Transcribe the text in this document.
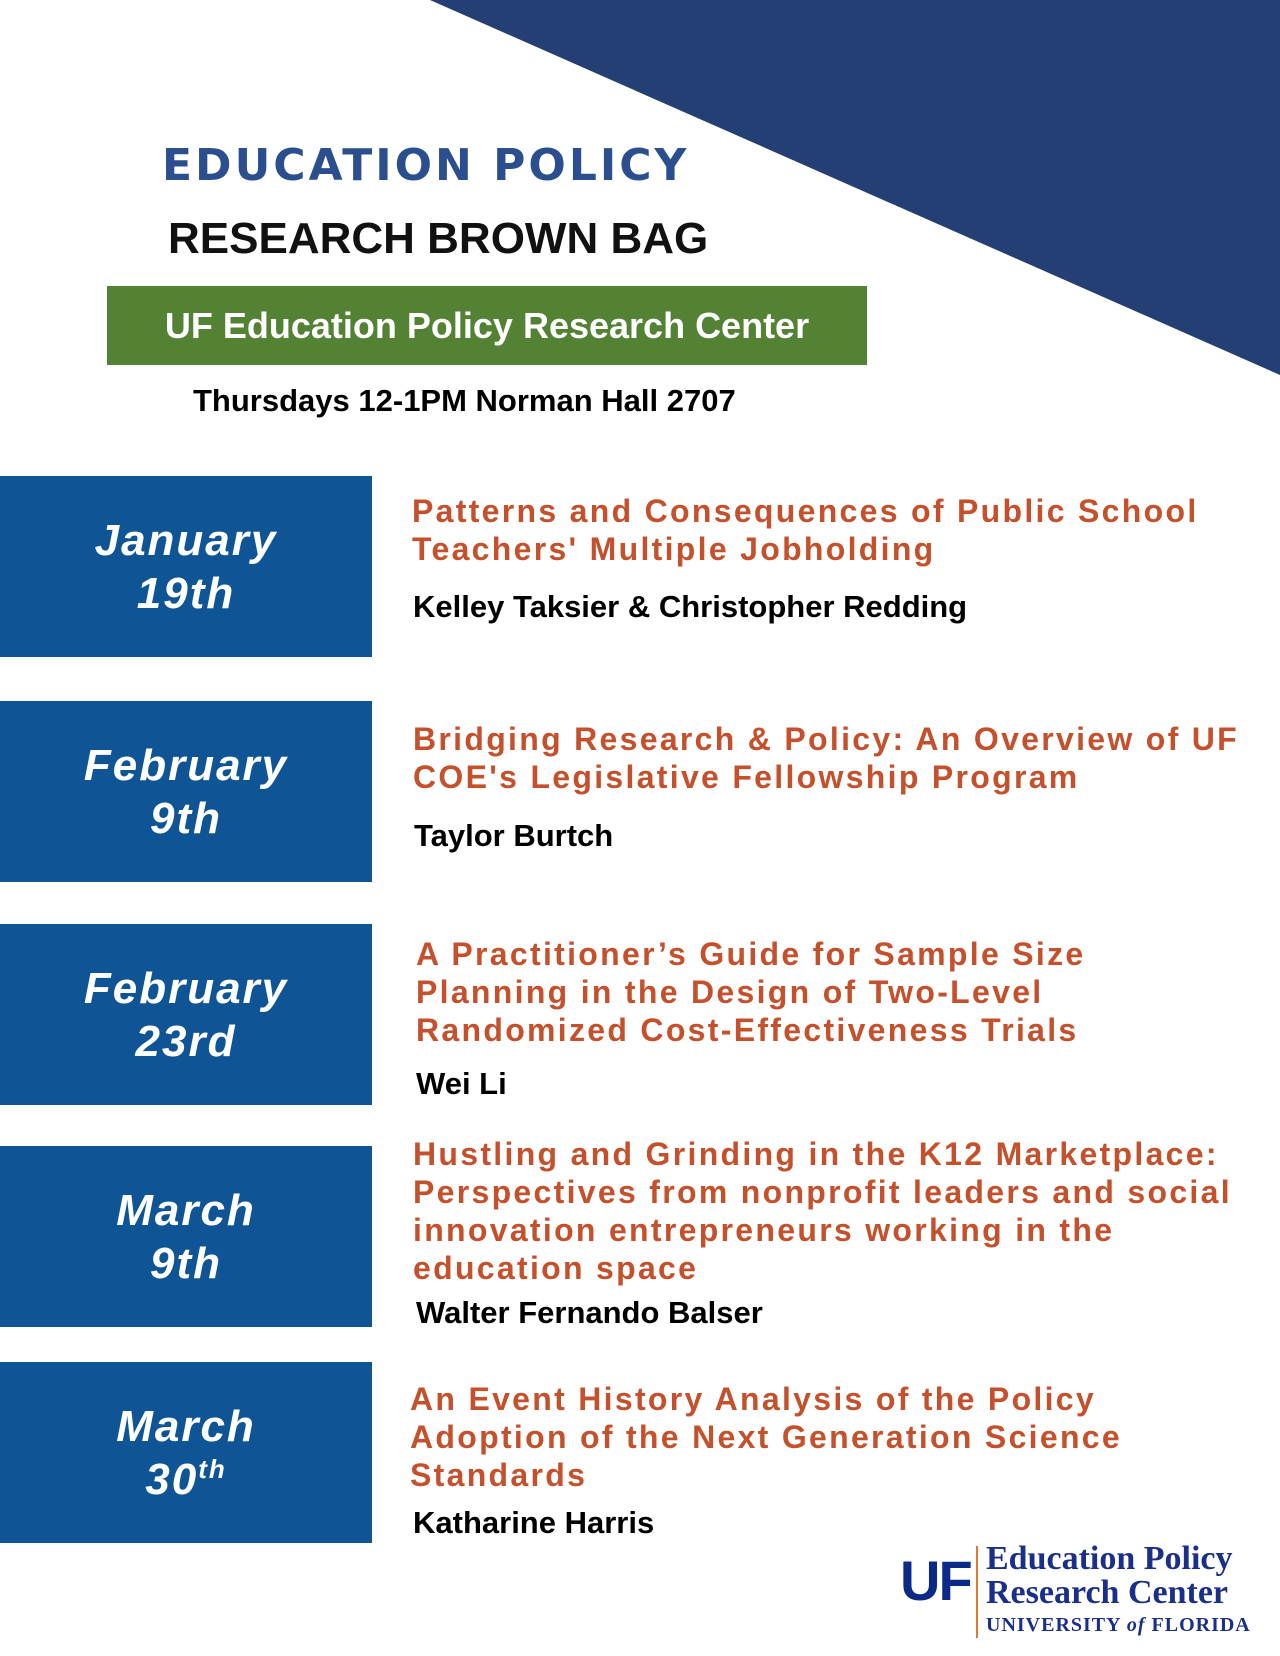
EDUCATION POLICY
RESEARCH BROWN BAG
UF Education Policy Research Center
Thursdays 12-1PM Norman Hall 2707
January
19th

Patterns and Consequences of Public School Teachers' Multiple Jobholding

Kelley Taksier & Christopher Redding
February
9th

Bridging Research & Policy: An Overview of UF COE's Legislative Fellowship Program

Taylor Burtch
February
23rd

A Practitioner’s Guide for Sample Size Planning in the Design of Two-Level Randomized Cost-Effectiveness Trials

Wei Li
March
9th

Hustling and Grinding in the K12 Marketplace: Perspectives from nonprofit leaders and social innovation entrepreneurs working in the education space

Walter Fernando Balser
March
30th

An Event History Analysis of the Policy Adoption of the Next Generation Science Standards

Katharine Harris
UF Education Policy
Research Center
UNIVERSITY of FLORIDA
